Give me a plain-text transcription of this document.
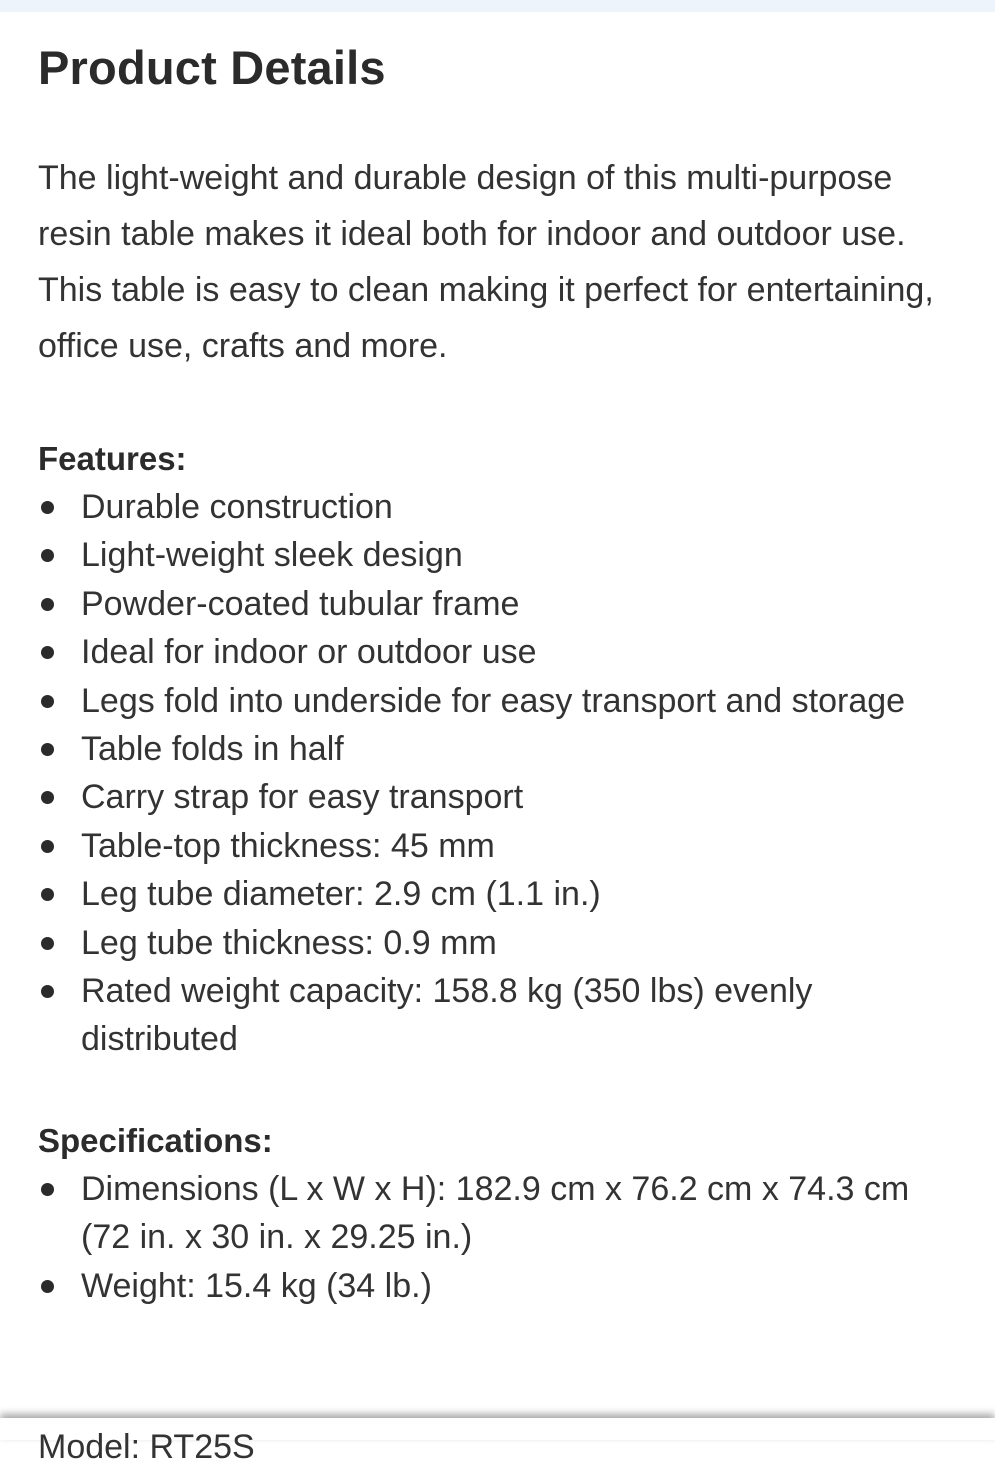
Product Details

The light-weight and durable design of this multi-purpose resin table makes it ideal both for indoor and outdoor use. This table is easy to clean making it perfect for entertaining, office use, crafts and more.

Features:
Durable construction
Light-weight sleek design
Powder-coated tubular frame
Ideal for indoor or outdoor use
Legs fold into underside for easy transport and storage
Table folds in half
Carry strap for easy transport
Table-top thickness: 45 mm
Leg tube diameter: 2.9 cm (1.1 in.)
Leg tube thickness: 0.9 mm
Rated weight capacity: 158.8 kg (350 lbs) evenly distributed
Specifications:
Dimensions (L x W x H): 182.9 cm x 76.2 cm x 74.3 cm (72 in. x 30 in. x 29.25 in.)
Weight: 15.4 kg (34 lb.)
Model: RT25S
